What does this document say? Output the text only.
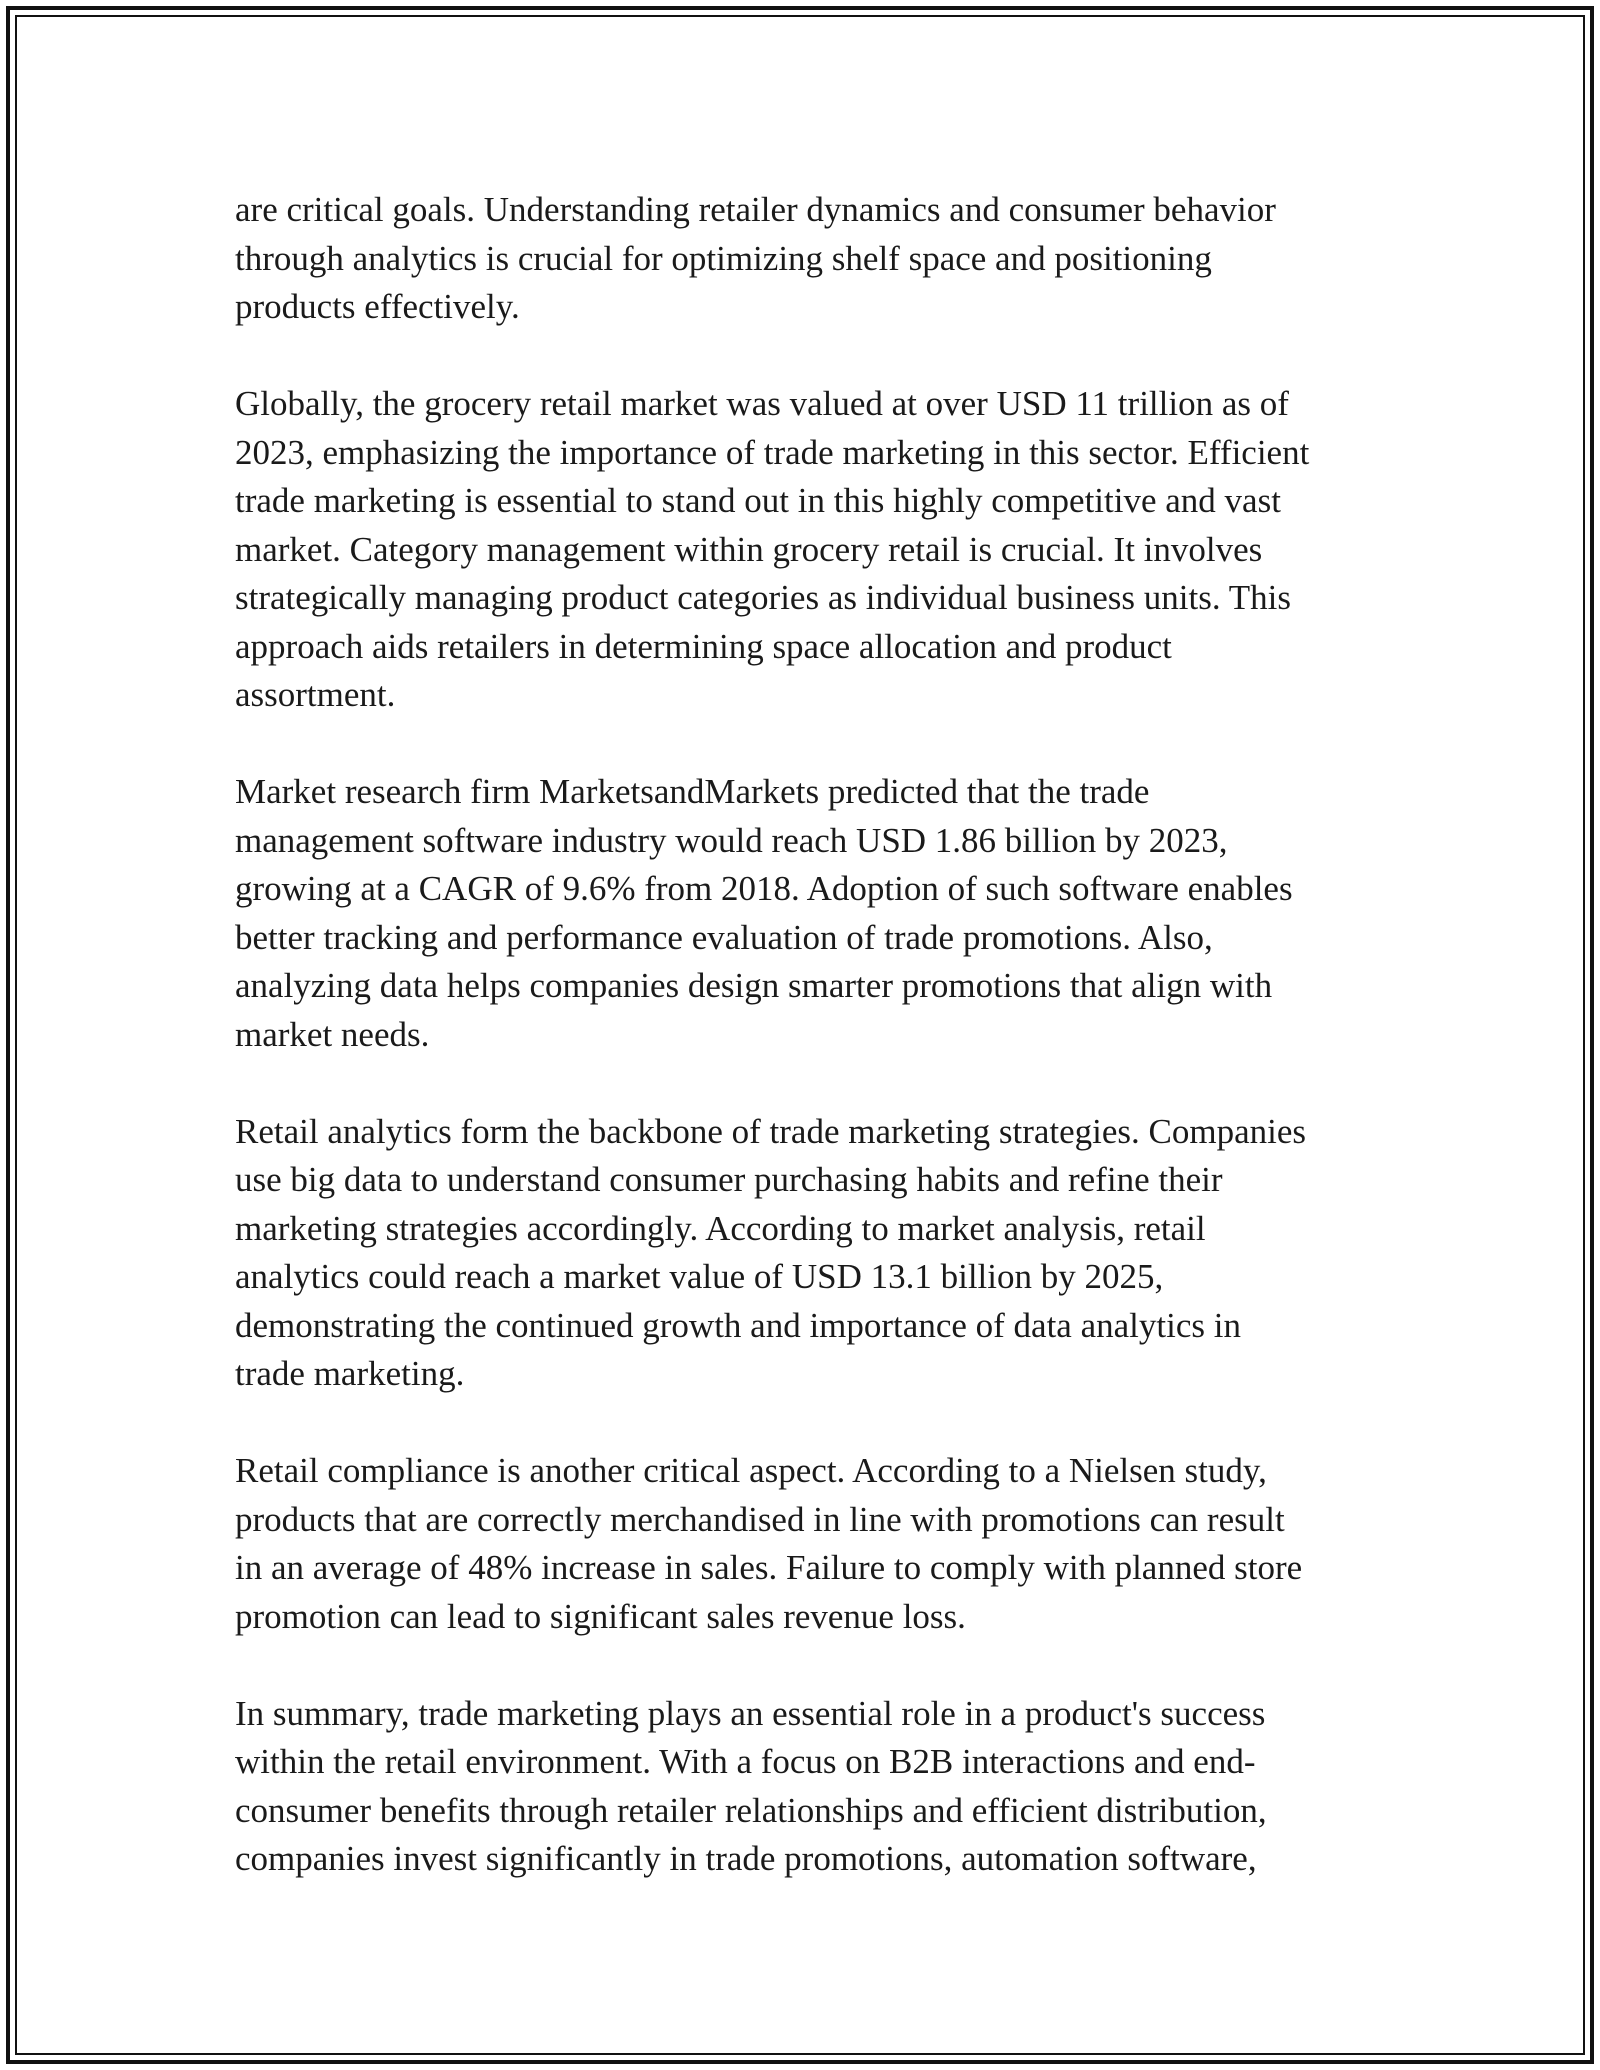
are critical goals. Understanding retailer dynamics and consumer behavior
through analytics is crucial for optimizing shelf space and positioning
products effectively.

Globally, the grocery retail market was valued at over USD 11 trillion as of
2023, emphasizing the importance of trade marketing in this sector. Efficient
trade marketing is essential to stand out in this highly competitive and vast
market. Category management within grocery retail is crucial. It involves
strategically managing product categories as individual business units. This
approach aids retailers in determining space allocation and product
assortment.

Market research firm MarketsandMarkets predicted that the trade
management software industry would reach USD 1.86 billion by 2023,
growing at a CAGR of 9.6% from 2018. Adoption of such software enables
better tracking and performance evaluation of trade promotions. Also,
analyzing data helps companies design smarter promotions that align with
market needs.

Retail analytics form the backbone of trade marketing strategies. Companies
use big data to understand consumer purchasing habits and refine their
marketing strategies accordingly. According to market analysis, retail
analytics could reach a market value of USD 13.1 billion by 2025,
demonstrating the continued growth and importance of data analytics in
trade marketing.

Retail compliance is another critical aspect. According to a Nielsen study,
products that are correctly merchandised in line with promotions can result
in an average of 48% increase in sales. Failure to comply with planned store
promotion can lead to significant sales revenue loss.

In summary, trade marketing plays an essential role in a product's success
within the retail environment. With a focus on B2B interactions and end-
consumer benefits through retailer relationships and efficient distribution,
companies invest significantly in trade promotions, automation software,
